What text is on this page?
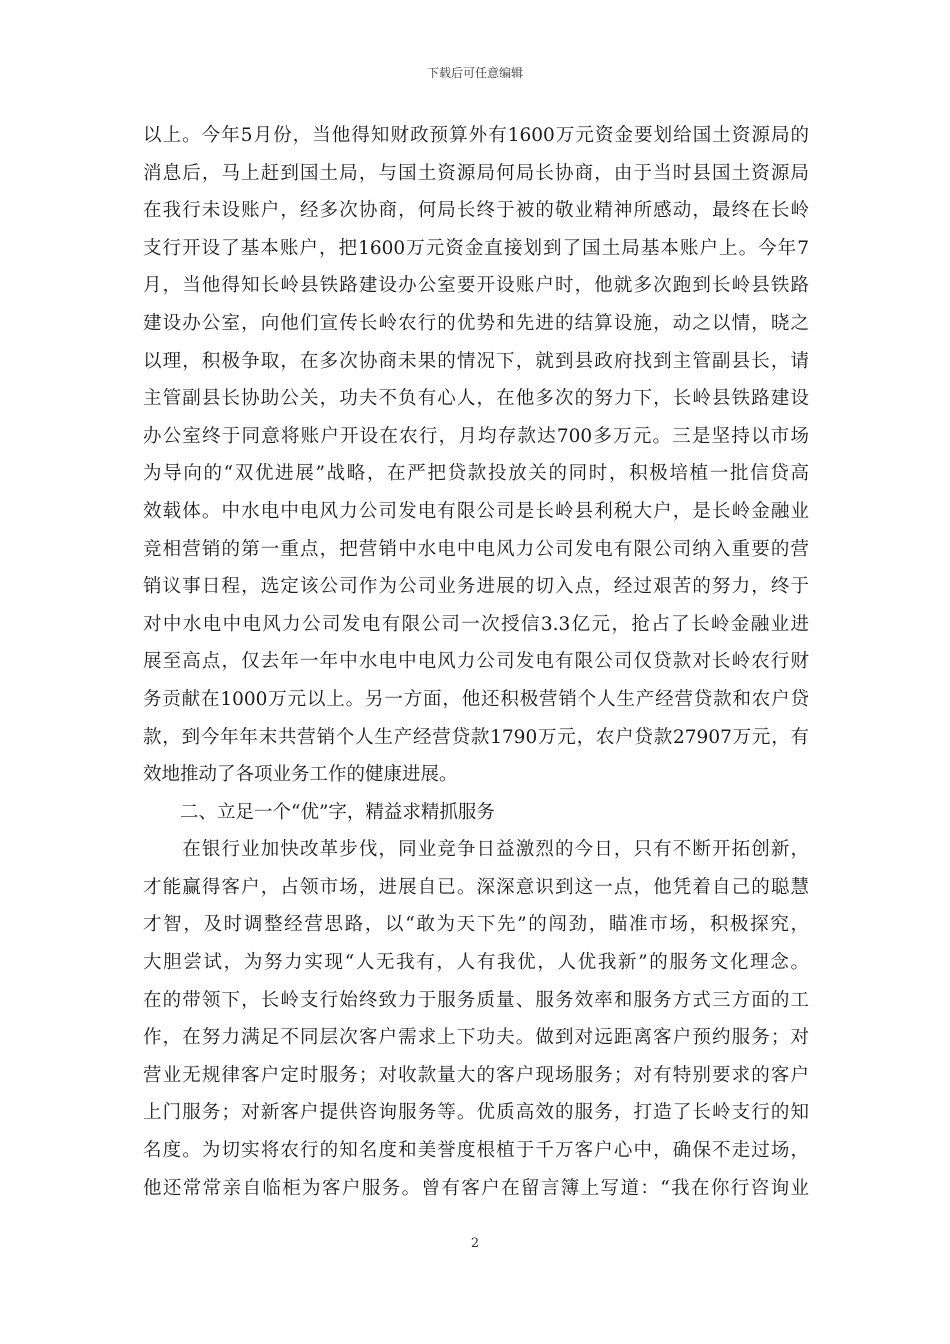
下载后可任意编辑
以上。今年5月份，当他得知财政预算外有1600万元资金要划给国土资源局的
消息后，马上赶到国土局，与国土资源局何局长协商，由于当时县国土资源局
在我行未设账户，经多次协商，何局长终于被的敬业精神所感动，最终在长岭
支行开设了基本账户，把1600万元资金直接划到了国土局基本账户上。今年7
月，当他得知长岭县铁路建设办公室要开设账户时，他就多次跑到长岭县铁路
建设办公室，向他们宣传长岭农行的优势和先进的结算设施，动之以情，晓之
以理，积极争取，在多次协商未果的情况下，就到县政府找到主管副县长，请
主管副县长协助公关，功夫不负有心人，在他多次的努力下，长岭县铁路建设
办公室终于同意将账户开设在农行，月均存款达700多万元。三是坚持以市场
为导向的“双优进展”战略，在严把贷款投放关的同时，积极培植一批信贷高
效载体。中水电中电风力公司发电有限公司是长岭县利税大户，是长岭金融业
竞相营销的第一重点，把营销中水电中电风力公司发电有限公司纳入重要的营
销议事日程，选定该公司作为公司业务进展的切入点，经过艰苦的努力，终于
对中水电中电风力公司发电有限公司一次授信3.3亿元，抢占了长岭金融业进
展至高点，仅去年一年中水电中电风力公司发电有限公司仅贷款对长岭农行财
务贡献在1000万元以上。另一方面，他还积极营销个人生产经营贷款和农户贷
款，到今年年末共营销个人生产经营贷款1790万元，农户贷款27907万元，有
效地推动了各项业务工作的健康进展。
　　二、立足一个“优”字，精益求精抓服务
　　在银行业加快改革步伐，同业竞争日益激烈的今日，只有不断开拓创新，
才能赢得客户，占领市场，进展自已。深深意识到这一点，他凭着自己的聪慧
才智，及时调整经营思路，以“敢为天下先”的闯劲，瞄准市场，积极探究，
大胆尝试，为努力实现“人无我有，人有我优，人优我新”的服务文化理念。
在的带领下，长岭支行始终致力于服务质量、服务效率和服务方式三方面的工
作，在努力满足不同层次客户需求上下功夫。做到对远距离客户预约服务；对
营业无规律客户定时服务；对收款量大的客户现场服务；对有特别要求的客户
上门服务；对新客户提供咨询服务等。优质高效的服务，打造了长岭支行的知
名度。为切实将农行的知名度和美誉度根植于千万客户心中，确保不走过场，
他还常常亲自临柜为客户服务。曾有客户在留言簿上写道：“我在你行咨询业
2
